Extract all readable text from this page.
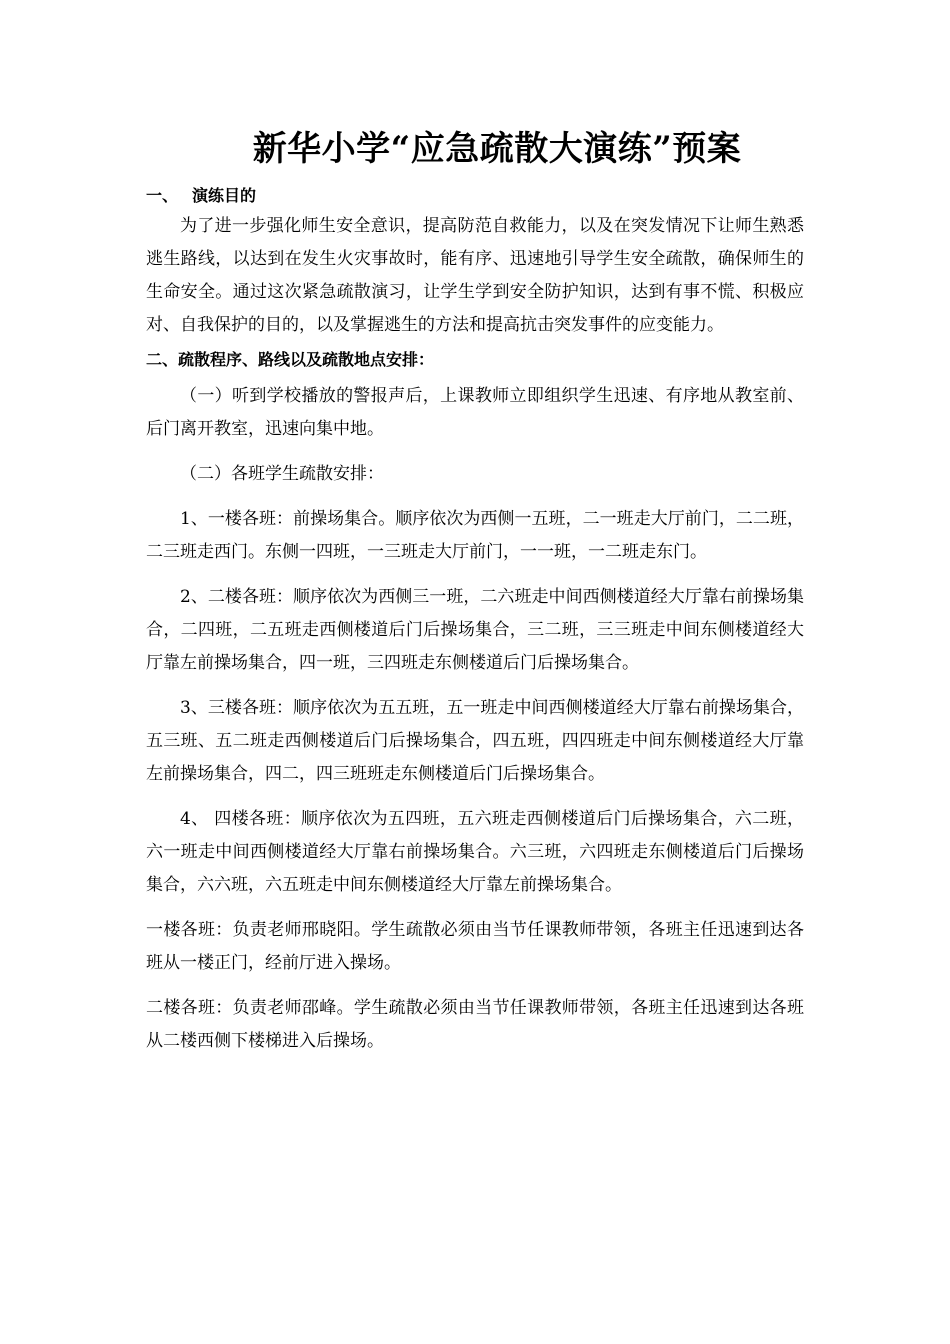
新华小学“应急疏散大演练”预案
一、 演练目的

为了进一步强化师生安全意识，提高防范自救能力，以及在突发情况下让师生熟悉逃生路线，以达到在发生火灾事故时，能有序、迅速地引导学生安全疏散，确保师生的生命安全。通过这次紧急疏散演习，让学生学到安全防护知识，达到有事不慌、积极应对、自我保护的目的，以及掌握逃生的方法和提高抗击突发事件的应变能力。

二、疏散程序、路线以及疏散地点安排：

（一）听到学校播放的警报声后，上课教师立即组织学生迅速、有序地从教室前、后门离开教室，迅速向集中地。

（二）各班学生疏散安排：

1、一楼各班：前操场集合。顺序依次为西侧一五班，二一班走大厅前门，二二班，二三班走西门。东侧一四班，一三班走大厅前门，一一班，一二班走东门。

2、二楼各班：顺序依次为西侧三一班，二六班走中间西侧楼道经大厅靠右前操场集合，二四班，二五班走西侧楼道后门后操场集合，三二班，三三班走中间东侧楼道经大厅靠左前操场集合，四一班，三四班走东侧楼道后门后操场集合。

3、三楼各班：顺序依次为五五班，五一班走中间西侧楼道经大厅靠右前操场集合，五三班、五二班走西侧楼道后门后操场集合，四五班，四四班走中间东侧楼道经大厅靠左前操场集合，四二，四三班班走东侧楼道后门后操场集合。

4、 四楼各班：顺序依次为五四班，五六班走西侧楼道后门后操场集合，六二班，六一班走中间西侧楼道经大厅靠右前操场集合。六三班，六四班走东侧楼道后门后操场集合，六六班，六五班走中间东侧楼道经大厅靠左前操场集合。

一楼各班：负责老师邢晓阳。学生疏散必须由当节任课教师带领，各班主任迅速到达各班从一楼正门，经前厅进入操场。

二楼各班：负责老师邵峰。学生疏散必须由当节任课教师带领，各班主任迅速到达各班从二楼西侧下楼梯进入后操场。
